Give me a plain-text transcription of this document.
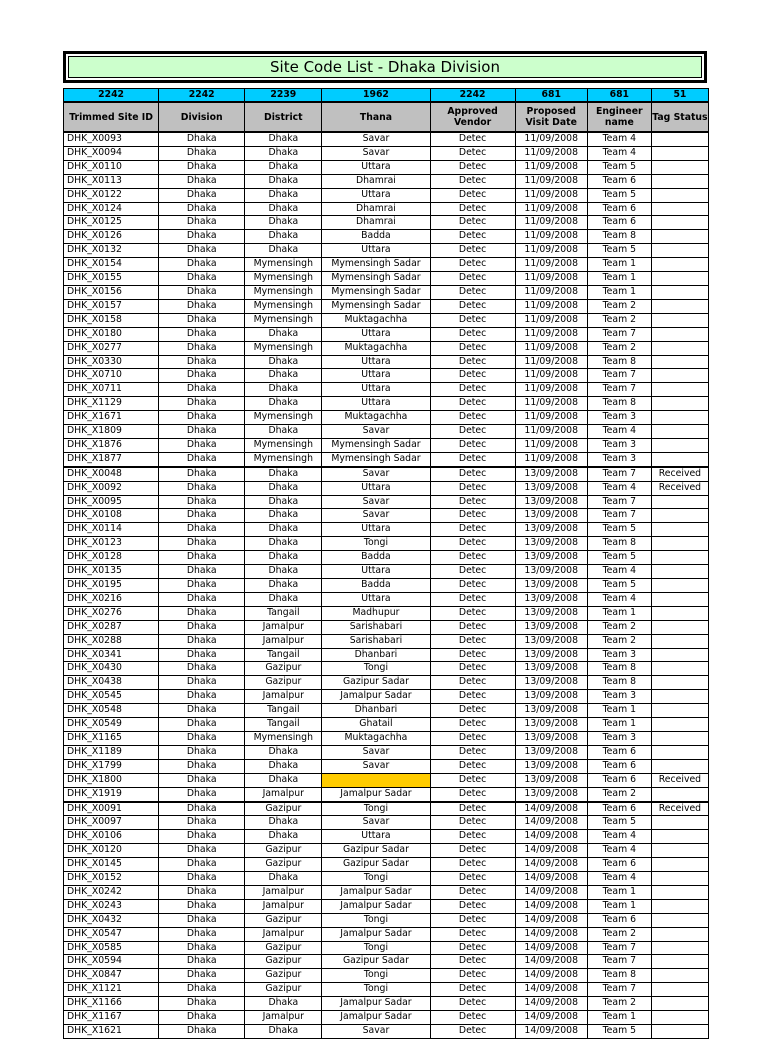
Site Code List - Dhaka Division
2242	2242	2239	1962	2242	681	681	51
Trimmed Site ID	Division	District	Thana	Approved Vendor	Proposed Visit Date	Engineer name	Tag Status
DHK_X0093	Dhaka	Dhaka	Savar	Detec	11/09/2008	Team 4	
DHK_X0094	Dhaka	Dhaka	Savar	Detec	11/09/2008	Team 4	
DHK_X0110	Dhaka	Dhaka	Uttara	Detec	11/09/2008	Team 5	
DHK_X0113	Dhaka	Dhaka	Dhamrai	Detec	11/09/2008	Team 6	
DHK_X0122	Dhaka	Dhaka	Uttara	Detec	11/09/2008	Team 5	
DHK_X0124	Dhaka	Dhaka	Dhamrai	Detec	11/09/2008	Team 6	
DHK_X0125	Dhaka	Dhaka	Dhamrai	Detec	11/09/2008	Team 6	
DHK_X0126	Dhaka	Dhaka	Badda	Detec	11/09/2008	Team 8	
DHK_X0132	Dhaka	Dhaka	Uttara	Detec	11/09/2008	Team 5	
DHK_X0154	Dhaka	Mymensingh	Mymensingh Sadar	Detec	11/09/2008	Team 1	
DHK_X0155	Dhaka	Mymensingh	Mymensingh Sadar	Detec	11/09/2008	Team 1	
DHK_X0156	Dhaka	Mymensingh	Mymensingh Sadar	Detec	11/09/2008	Team 1	
DHK_X0157	Dhaka	Mymensingh	Mymensingh Sadar	Detec	11/09/2008	Team 2	
DHK_X0158	Dhaka	Mymensingh	Muktagachha	Detec	11/09/2008	Team 2	
DHK_X0180	Dhaka	Dhaka	Uttara	Detec	11/09/2008	Team 7	
DHK_X0277	Dhaka	Mymensingh	Muktagachha	Detec	11/09/2008	Team 2	
DHK_X0330	Dhaka	Dhaka	Uttara	Detec	11/09/2008	Team 8	
DHK_X0710	Dhaka	Dhaka	Uttara	Detec	11/09/2008	Team 7	
DHK_X0711	Dhaka	Dhaka	Uttara	Detec	11/09/2008	Team 7	
DHK_X1129	Dhaka	Dhaka	Uttara	Detec	11/09/2008	Team 8	
DHK_X1671	Dhaka	Mymensingh	Muktagachha	Detec	11/09/2008	Team 3	
DHK_X1809	Dhaka	Dhaka	Savar	Detec	11/09/2008	Team 4	
DHK_X1876	Dhaka	Mymensingh	Mymensingh Sadar	Detec	11/09/2008	Team 3	
DHK_X1877	Dhaka	Mymensingh	Mymensingh Sadar	Detec	11/09/2008	Team 3	
DHK_X0048	Dhaka	Dhaka	Savar	Detec	13/09/2008	Team 7	Received
DHK_X0092	Dhaka	Dhaka	Uttara	Detec	13/09/2008	Team 4	Received
DHK_X0095	Dhaka	Dhaka	Savar	Detec	13/09/2008	Team 7	
DHK_X0108	Dhaka	Dhaka	Savar	Detec	13/09/2008	Team 7	
DHK_X0114	Dhaka	Dhaka	Uttara	Detec	13/09/2008	Team 5	
DHK_X0123	Dhaka	Dhaka	Tongi	Detec	13/09/2008	Team 8	
DHK_X0128	Dhaka	Dhaka	Badda	Detec	13/09/2008	Team 5	
DHK_X0135	Dhaka	Dhaka	Uttara	Detec	13/09/2008	Team 4	
DHK_X0195	Dhaka	Dhaka	Badda	Detec	13/09/2008	Team 5	
DHK_X0216	Dhaka	Dhaka	Uttara	Detec	13/09/2008	Team 4	
DHK_X0276	Dhaka	Tangail	Madhupur	Detec	13/09/2008	Team 1	
DHK_X0287	Dhaka	Jamalpur	Sarishabari	Detec	13/09/2008	Team 2	
DHK_X0288	Dhaka	Jamalpur	Sarishabari	Detec	13/09/2008	Team 2	
DHK_X0341	Dhaka	Tangail	Dhanbari	Detec	13/09/2008	Team 3	
DHK_X0430	Dhaka	Gazipur	Tongi	Detec	13/09/2008	Team 8	
DHK_X0438	Dhaka	Gazipur	Gazipur Sadar	Detec	13/09/2008	Team 8	
DHK_X0545	Dhaka	Jamalpur	Jamalpur Sadar	Detec	13/09/2008	Team 3	
DHK_X0548	Dhaka	Tangail	Dhanbari	Detec	13/09/2008	Team 1	
DHK_X0549	Dhaka	Tangail	Ghatail	Detec	13/09/2008	Team 1	
DHK_X1165	Dhaka	Mymensingh	Muktagachha	Detec	13/09/2008	Team 3	
DHK_X1189	Dhaka	Dhaka	Savar	Detec	13/09/2008	Team 6	
DHK_X1799	Dhaka	Dhaka	Savar	Detec	13/09/2008	Team 6	
DHK_X1800	Dhaka	Dhaka		Detec	13/09/2008	Team 6	Received
DHK_X1919	Dhaka	Jamalpur	Jamalpur Sadar	Detec	13/09/2008	Team 2	
DHK_X0091	Dhaka	Gazipur	Tongi	Detec	14/09/2008	Team 6	Received
DHK_X0097	Dhaka	Dhaka	Savar	Detec	14/09/2008	Team 5	
DHK_X0106	Dhaka	Dhaka	Uttara	Detec	14/09/2008	Team 4	
DHK_X0120	Dhaka	Gazipur	Gazipur Sadar	Detec	14/09/2008	Team 4	
DHK_X0145	Dhaka	Gazipur	Gazipur Sadar	Detec	14/09/2008	Team 6	
DHK_X0152	Dhaka	Dhaka	Tongi	Detec	14/09/2008	Team 4	
DHK_X0242	Dhaka	Jamalpur	Jamalpur Sadar	Detec	14/09/2008	Team 1	
DHK_X0243	Dhaka	Jamalpur	Jamalpur Sadar	Detec	14/09/2008	Team 1	
DHK_X0432	Dhaka	Gazipur	Tongi	Detec	14/09/2008	Team 6	
DHK_X0547	Dhaka	Jamalpur	Jamalpur Sadar	Detec	14/09/2008	Team 2	
DHK_X0585	Dhaka	Gazipur	Tongi	Detec	14/09/2008	Team 7	
DHK_X0594	Dhaka	Gazipur	Gazipur Sadar	Detec	14/09/2008	Team 7	
DHK_X0847	Dhaka	Gazipur	Tongi	Detec	14/09/2008	Team 8	
DHK_X1121	Dhaka	Gazipur	Tongi	Detec	14/09/2008	Team 7	
DHK_X1166	Dhaka	Dhaka	Jamalpur Sadar	Detec	14/09/2008	Team 2	
DHK_X1167	Dhaka	Jamalpur	Jamalpur Sadar	Detec	14/09/2008	Team 1	
DHK_X1621	Dhaka	Dhaka	Savar	Detec	14/09/2008	Team 5	
